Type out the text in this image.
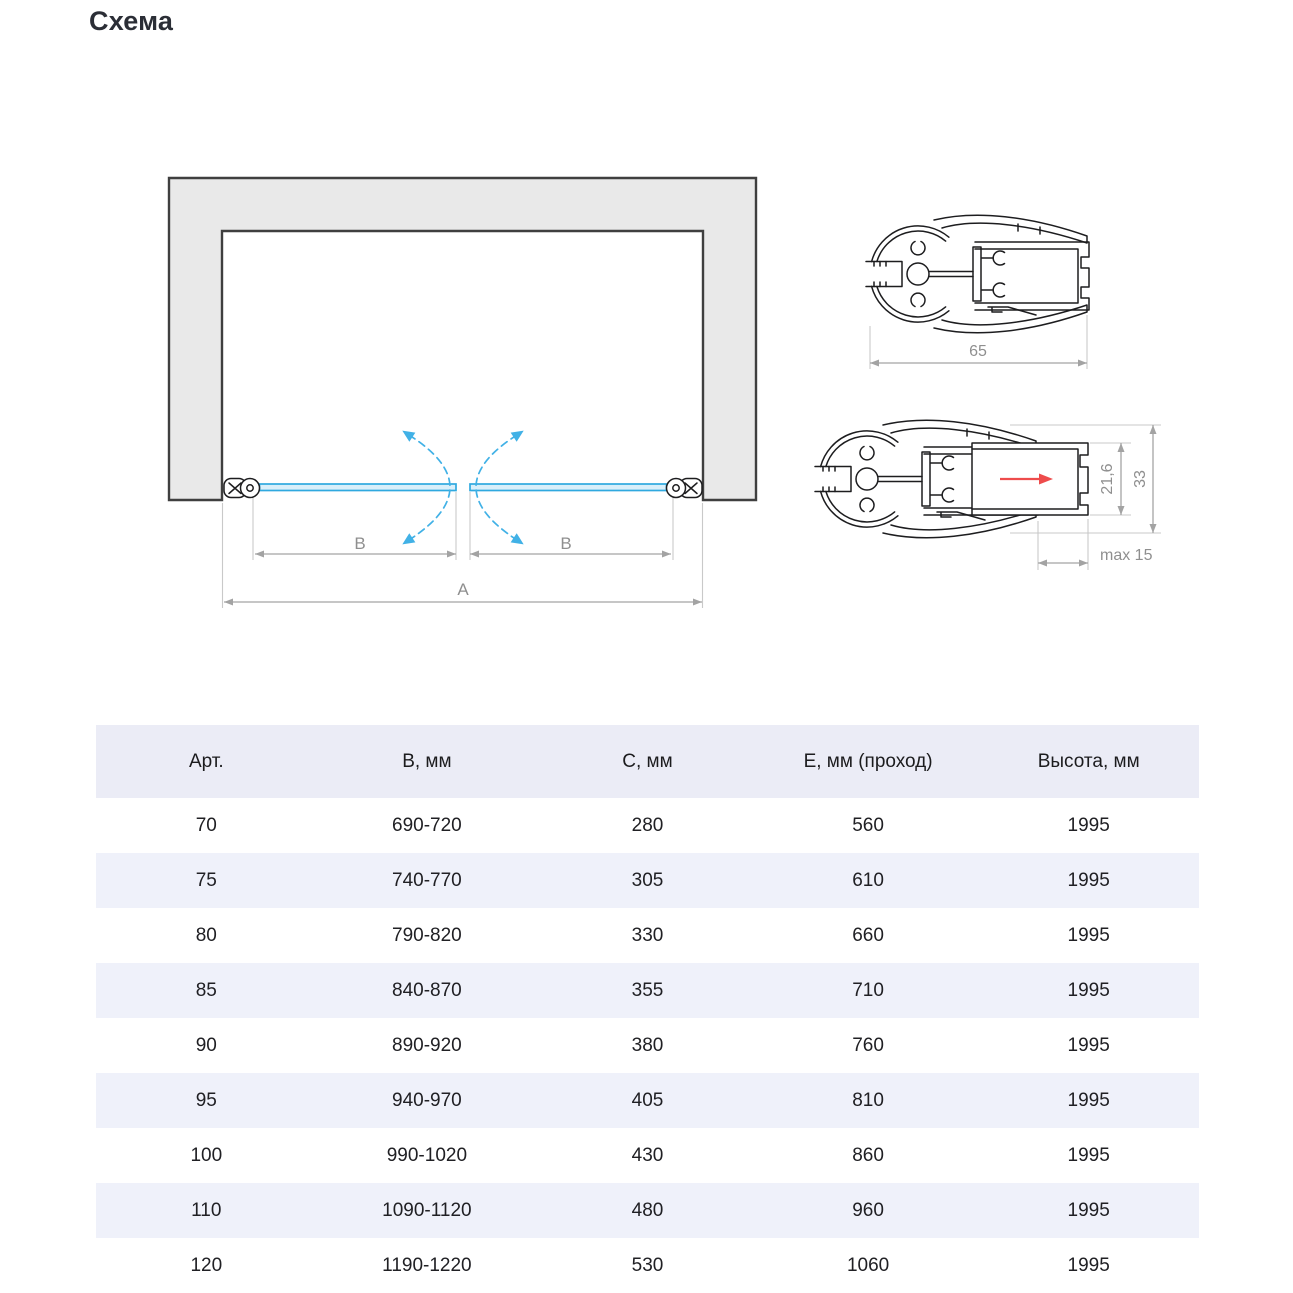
Схема
B	B
A
65
21,6 33
max 15
Арт.	В, мм	С, мм	Е, мм (проход)	Высота, мм
70	690-720	280	560	1995
75	740-770	305	610	1995
80	790-820	330	660	1995
85	840-870	355	710	1995
90	890-920	380	760	1995
95	940-970	405	810	1995
100	990-1020	430	860	1995
110	1090-1120	480	960	1995
120	1190-1220	530	1060	1995
